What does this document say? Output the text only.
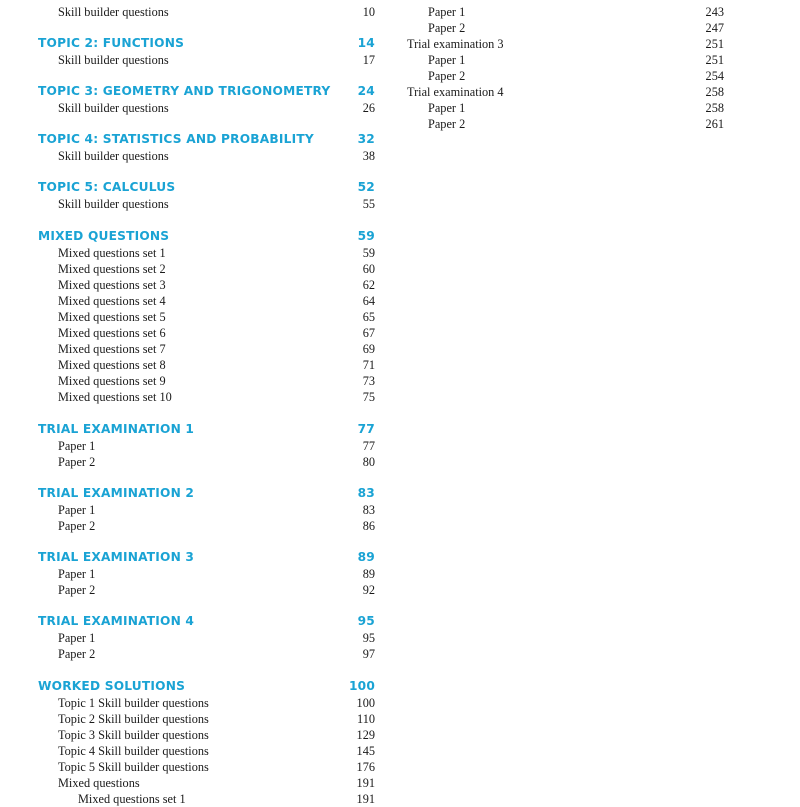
Skill builder questions	10
TOPIC 2: FUNCTIONS	14
Skill builder questions	17
TOPIC 3: GEOMETRY AND TRIGONOMETRY 24
Skill builder questions	26
TOPIC 4: STATISTICS AND PROBABILITY	32
Skill builder questions	38
TOPIC 5: CALCULUS	52
Skill builder questions	55
MIXED QUESTIONS	59
Mixed questions set 1	59
Mixed questions set 2	60
Mixed questions set 3	62
Mixed questions set 4	64
Mixed questions set 5	65
Mixed questions set 6	67
Mixed questions set 7	69
Mixed questions set 8	71
Mixed questions set 9	73
Mixed questions set 10	75
TRIAL EXAMINATION 1	77
Paper 1	77
Paper 2	80
TRIAL EXAMINATION 2	83
Paper 1	83
Paper 2	86
TRIAL EXAMINATION 3	89
Paper 1	89
Paper 2	92
TRIAL EXAMINATION 4	95
Paper 1	95
Paper 2	97
WORKED SOLUTIONS	100
Topic 1 Skill builder questions	100
Topic 2 Skill builder questions	110
Topic 3 Skill builder questions	129
Topic 4 Skill builder questions	145
Topic 5 Skill builder questions	176
Mixed questions	191
Mixed questions set 1	191
Paper 1	243
Paper 2	247
Trial examination 3	251
Paper 1	251
Paper 2	254
Trial examination 4	258
Paper 1	258
Paper 2	261
